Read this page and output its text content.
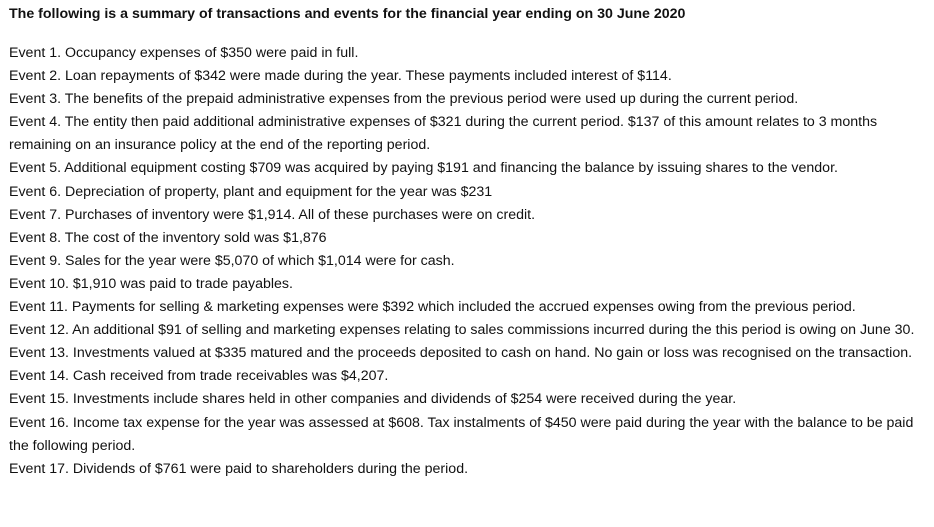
The following is a summary of transactions and events for the financial year ending on 30 June 2020
Event 1. Occupancy expenses of $350 were paid in full.
Event 2. Loan repayments of $342 were made during the year. These payments included interest of $114.
Event 3. The benefits of the prepaid administrative expenses from the previous period were used up during the current period.
Event 4. The entity then paid additional administrative expenses of $321 during the current period. $137 of this amount relates to 3 months remaining on an insurance policy at the end of the reporting period.
Event 5. Additional equipment costing $709 was acquired by paying $191 and financing the balance by issuing shares to the vendor.
Event 6. Depreciation of property, plant and equipment for the year was $231
Event 7. Purchases of inventory were $1,914. All of these purchases were on credit.
Event 8. The cost of the inventory sold was $1,876
Event 9. Sales for the year were $5,070 of which $1,014 were for cash.
Event 10. $1,910 was paid to trade payables.
Event 11. Payments for selling & marketing expenses were $392 which included the accrued expenses owing from the previous period.
Event 12. An additional $91 of selling and marketing expenses relating to sales commissions incurred during the this period is owing on June 30.
Event 13. Investments valued at $335 matured and the proceeds deposited to cash on hand. No gain or loss was recognised on the transaction.
Event 14. Cash received from trade receivables was $4,207.
Event 15. Investments include shares held in other companies and dividends of $254 were received during the year.
Event 16. Income tax expense for the year was assessed at $608. Tax instalments of $450 were paid during the year with the balance to be paid the following period.
Event 17. Dividends of $761 were paid to shareholders during the period.
